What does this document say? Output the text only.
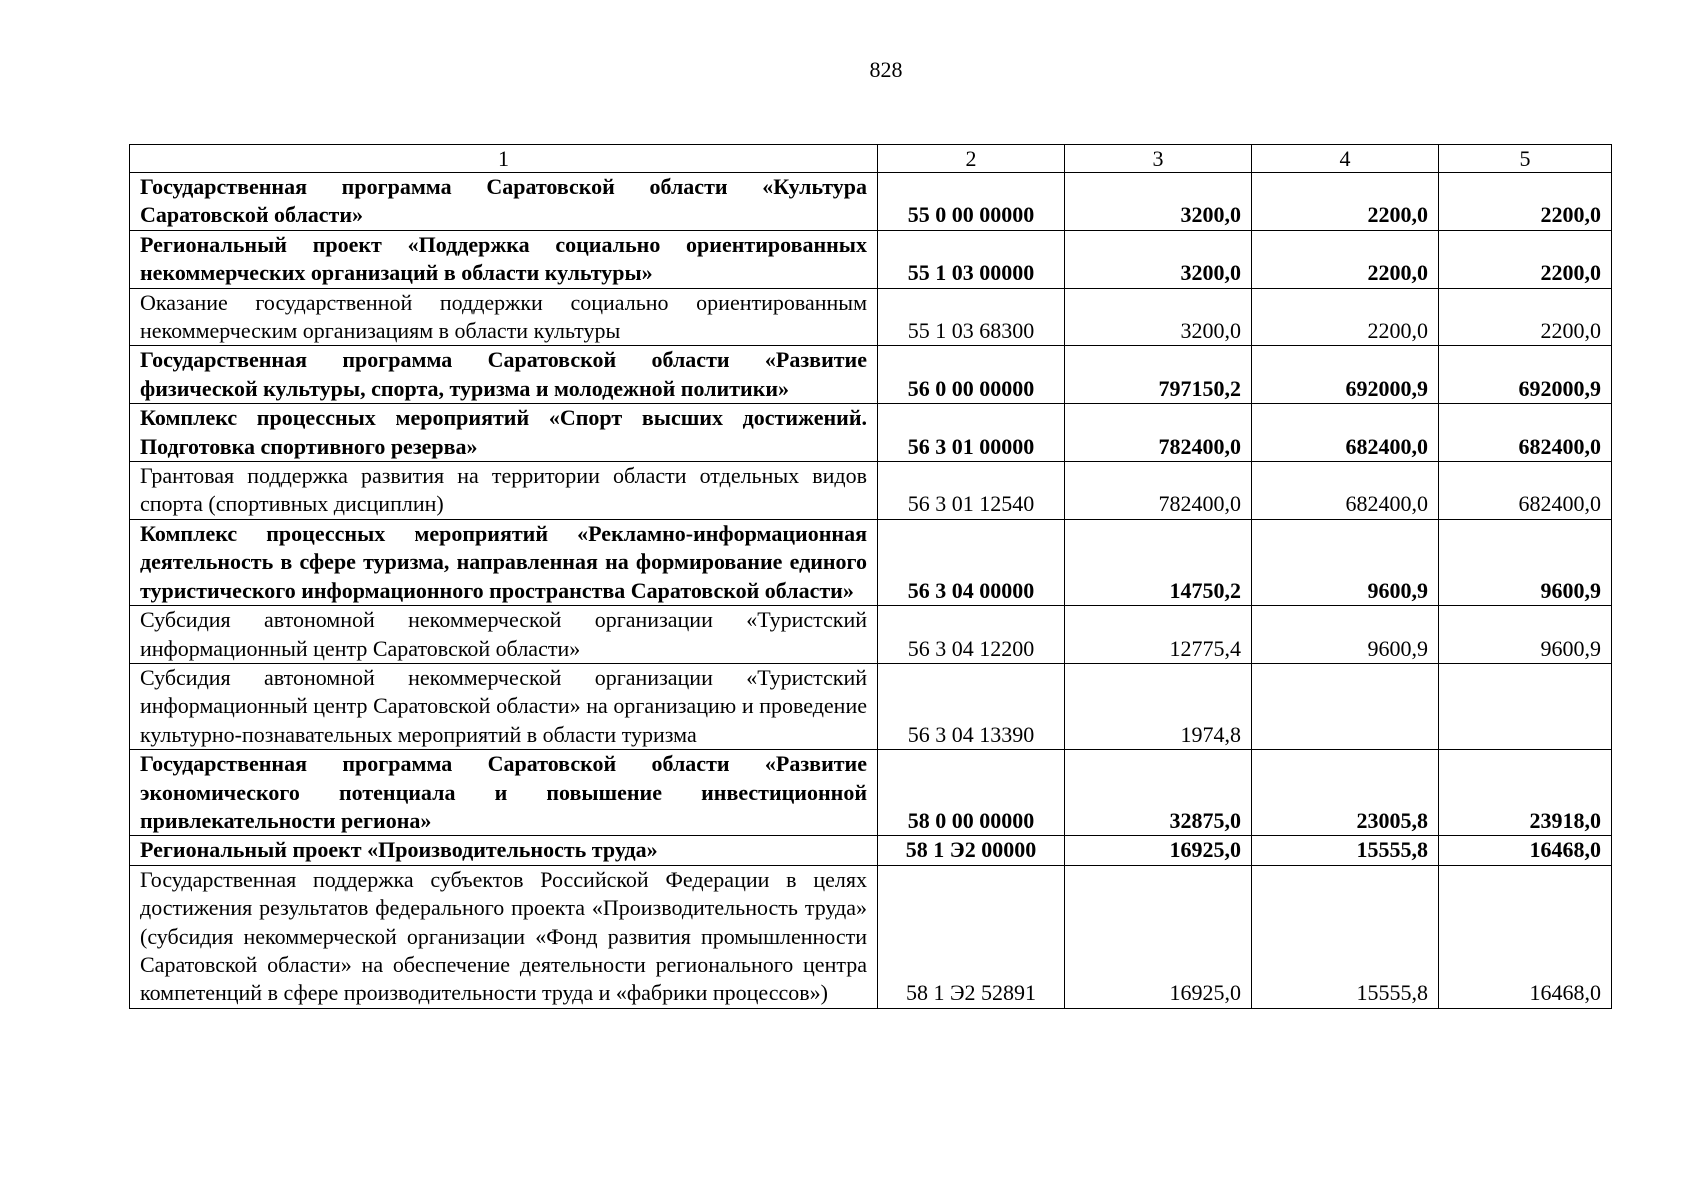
828
1	2	3	4	5
Государственная программа Саратовской области «Культура Саратовской области»	55 0 00 00000	3200,0	2200,0	2200,0
Региональный проект «Поддержка социально ориентированных некоммерческих организаций в области культуры»	55 1 03 00000	3200,0	2200,0	2200,0
Оказание государственной поддержки социально ориентированным некоммерческим организациям в области культуры	55 1 03 68300	3200,0	2200,0	2200,0
Государственная программа Саратовской области «Развитие физической культуры, спорта, туризма и молодежной политики»	56 0 00 00000	797150,2	692000,9	692000,9
Комплекс процессных мероприятий «Спорт высших достижений. Подготовка спортивного резерва»	56 3 01 00000	782400,0	682400,0	682400,0
Грантовая поддержка развития на территории области отдельных видов спорта (спортивных дисциплин)	56 3 01 12540	782400,0	682400,0	682400,0
Комплекс процессных мероприятий «Рекламно-информационная деятельность в сфере туризма, направленная на формирование единого туристического информационного пространства Саратовской области»	56 3 04 00000	14750,2	9600,9	9600,9
Субсидия автономной некоммерческой организации «Туристский информационный центр Саратовской области»	56 3 04 12200	12775,4	9600,9	9600,9
Субсидия автономной некоммерческой организации «Туристский информационный центр Саратовской области» на организацию и проведение культурно-познавательных мероприятий в области туризма	56 3 04 13390	1974,8		
Государственная программа Саратовской области «Развитие экономического потенциала и повышение инвестиционной привлекательности региона»	58 0 00 00000	32875,0	23005,8	23918,0
Региональный проект «Производительность труда»	58 1 Э2 00000	16925,0	15555,8	16468,0
Государственная поддержка субъектов Российской Федерации в целях достижения результатов федерального проекта «Производительность труда» (субсидия некоммерческой организации «Фонд развития промышленности Саратовской области» на обеспечение деятельности регионального центра компетенций в сфере производительности труда и «фабрики процессов»)	58 1 Э2 52891	16925,0	15555,8	16468,0
